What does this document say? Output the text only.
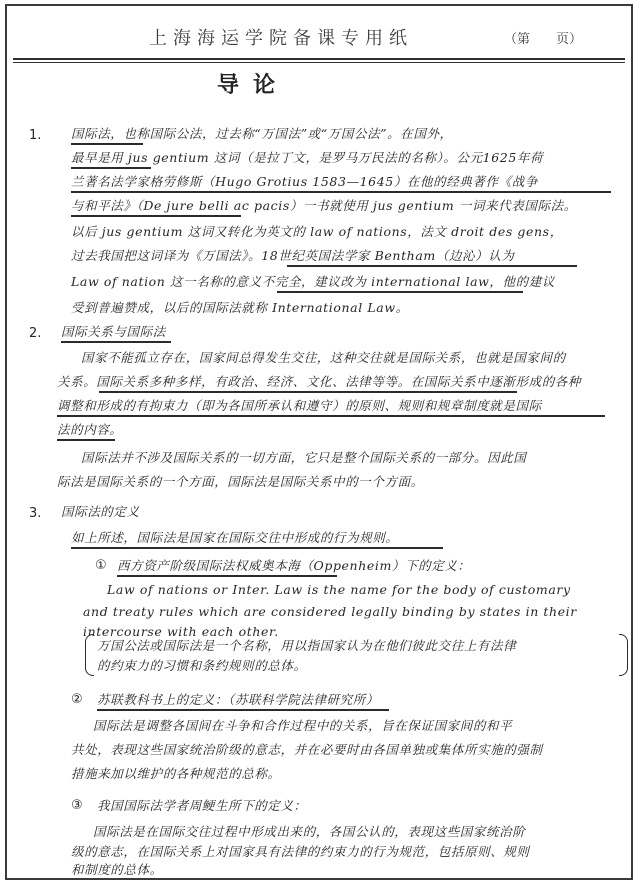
上海海运学院备课专用纸	（第　　页）
导论
1. 国际法，也称国际公法，过去称“万国法”或“万国公法”。在国外，
最早是用 jus gentium 这词（是拉丁文，是罗马万民法的名称）。公元1625年荷
兰著名法学家格劳修斯（Hugo Grotius 1583—1645）在他的经典著作《战争
与和平法》（De jure belli ac pacis）一书就使用 jus gentium 一词来代表国际法。
以后 jus gentium 这词又转化为英文的 law of nations，法文 droit des gens，
过去我国把这词译为《万国法》。18世纪英国法学家 Bentham（边沁）认为
Law of nation 这一名称的意义不完全，建议改为 international law，他的建议
受到普遍赞成，以后的国际法就称 International Law。
2. 国际关系与国际法
国家不能孤立存在，国家间总得发生交往，这种交往就是国际关系，也就是国家间的
关系。国际关系多种多样，有政治、经济、文化、法律等等。在国际关系中逐渐形成的各种
调整和形成的有拘束力（即为各国所承认和遵守）的原则、规则和规章制度就是国际
法的内容。
国际法并不涉及国际关系的一切方面，它只是整个国际关系的一部分。因此国
际法是国际关系的一个方面，国际法是国际关系中的一个方面。
3. 国际法的定义
如上所述，国际法是国家在国际交往中形成的行为规则。
① 西方资产阶级国际法权威奥本海（Oppenheim）下的定义：
Law of nations or Inter. Law is the name for the body of customary
and treaty rules which are considered legally binding by states in their
intercourse with each other.
万国公法或国际法是一个名称，用以指国家认为在他们彼此交往上有法律
的约束力的习惯和条约规则的总体。
② 苏联教科书上的定义：（苏联科学院法律研究所）
国际法是调整各国间在斗争和合作过程中的关系，旨在保证国家间的和平
共处，表现这些国家统治阶级的意志，并在必要时由各国单独或集体所实施的强制
措施来加以维护的各种规范的总称。
③ 我国国际法学者周鲠生所下的定义：
国际法是在国际交往过程中形成出来的，各国公认的，表现这些国家统治阶
级的意志，在国际关系上对国家具有法律的约束力的行为规范，包括原则、规则
和制度的总体。
